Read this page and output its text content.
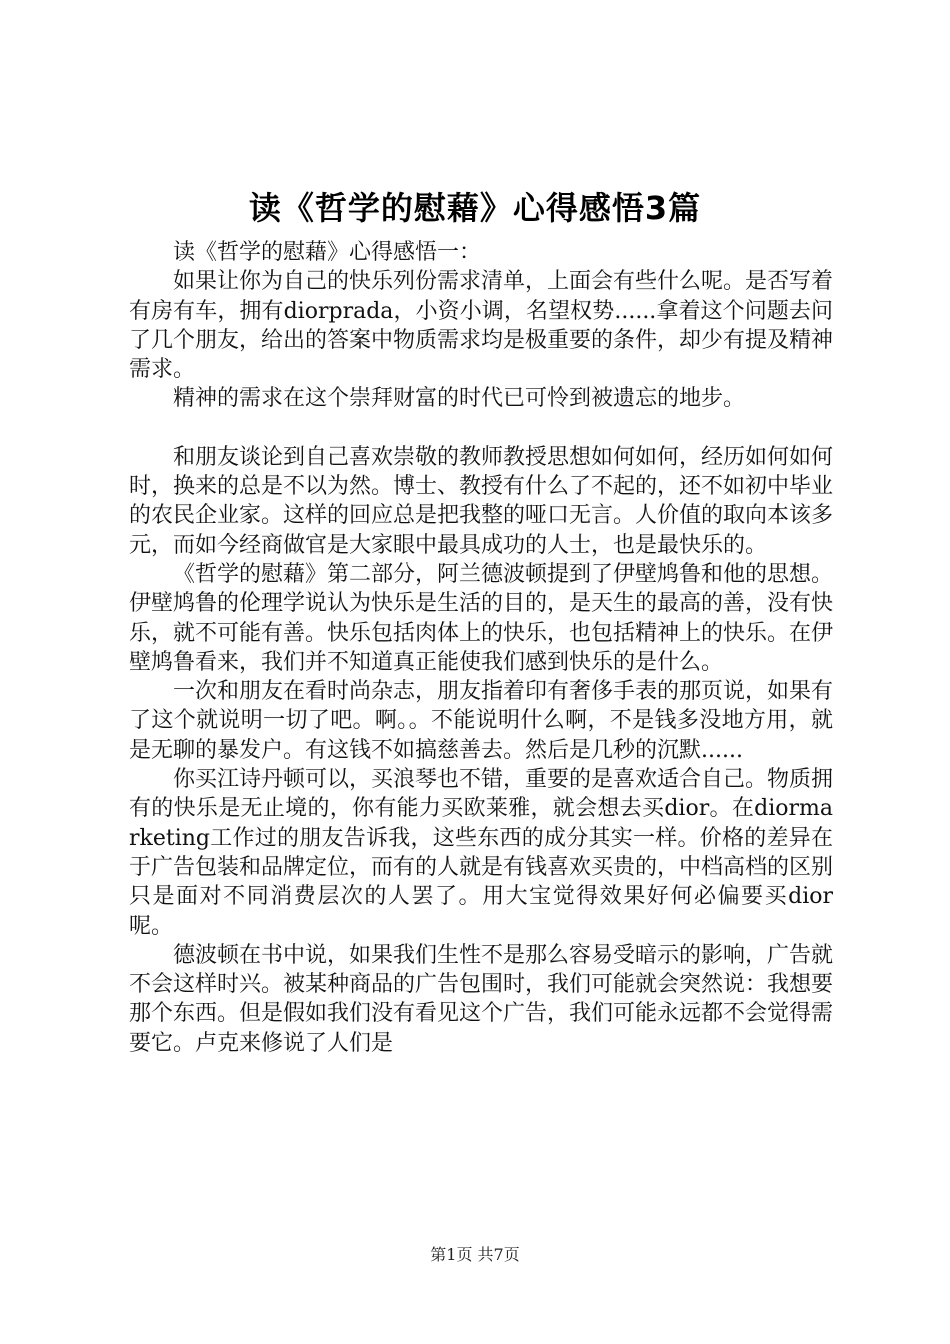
读《哲学的慰藉》心得感悟3篇

读《哲学的慰藉》心得感悟一：

如果让你为自己的快乐列份需求清单，上面会有些什么呢。是否写着有房有车，拥有diorprada，小资小调，名望权势......拿着这个问题去问了几个朋友，给出的答案中物质需求均是极重要的条件，却少有提及精神需求。

精神的需求在这个崇拜财富的时代已可怜到被遗忘的地步。

和朋友谈论到自己喜欢崇敬的教师教授思想如何如何，经历如何如何时，换来的总是不以为然。博士、教授有什么了不起的，还不如初中毕业的农民企业家。这样的回应总是把我整的哑口无言。人价值的取向本该多元，而如今经商做官是大家眼中最具成功的人士，也是最快乐的。

《哲学的慰藉》第二部分，阿兰德波顿提到了伊壁鸠鲁和他的思想。伊壁鸠鲁的伦理学说认为快乐是生活的目的，是天生的最高的善，没有快乐，就不可能有善。快乐包括肉体上的快乐，也包括精神上的快乐。在伊壁鸠鲁看来，我们并不知道真正能使我们感到快乐的是什么。

一次和朋友在看时尚杂志，朋友指着印有奢侈手表的那页说，如果有了这个就说明一切了吧。啊。。不能说明什么啊，不是钱多没地方用，就是无聊的暴发户。有这钱不如搞慈善去。然后是几秒的沉默......

你买江诗丹顿可以，买浪琴也不错，重要的是喜欢适合自己。物质拥有的快乐是无止境的，你有能力买欧莱雅，就会想去买dior。在diormarketing工作过的朋友告诉我，这些东西的成分其实一样。价格的差异在于广告包装和品牌定位，而有的人就是有钱喜欢买贵的，中档高档的区别只是面对不同消费层次的人罢了。用大宝觉得效果好何必偏要买dior呢。

德波顿在书中说，如果我们生性不是那么容易受暗示的影响，广告就不会这样时兴。被某种商品的广告包围时，我们可能就会突然说：我想要那个东西。但是假如我们没有看见这个广告，我们可能永远都不会觉得需要它。卢克来修说了人们是

第1页 共7页
